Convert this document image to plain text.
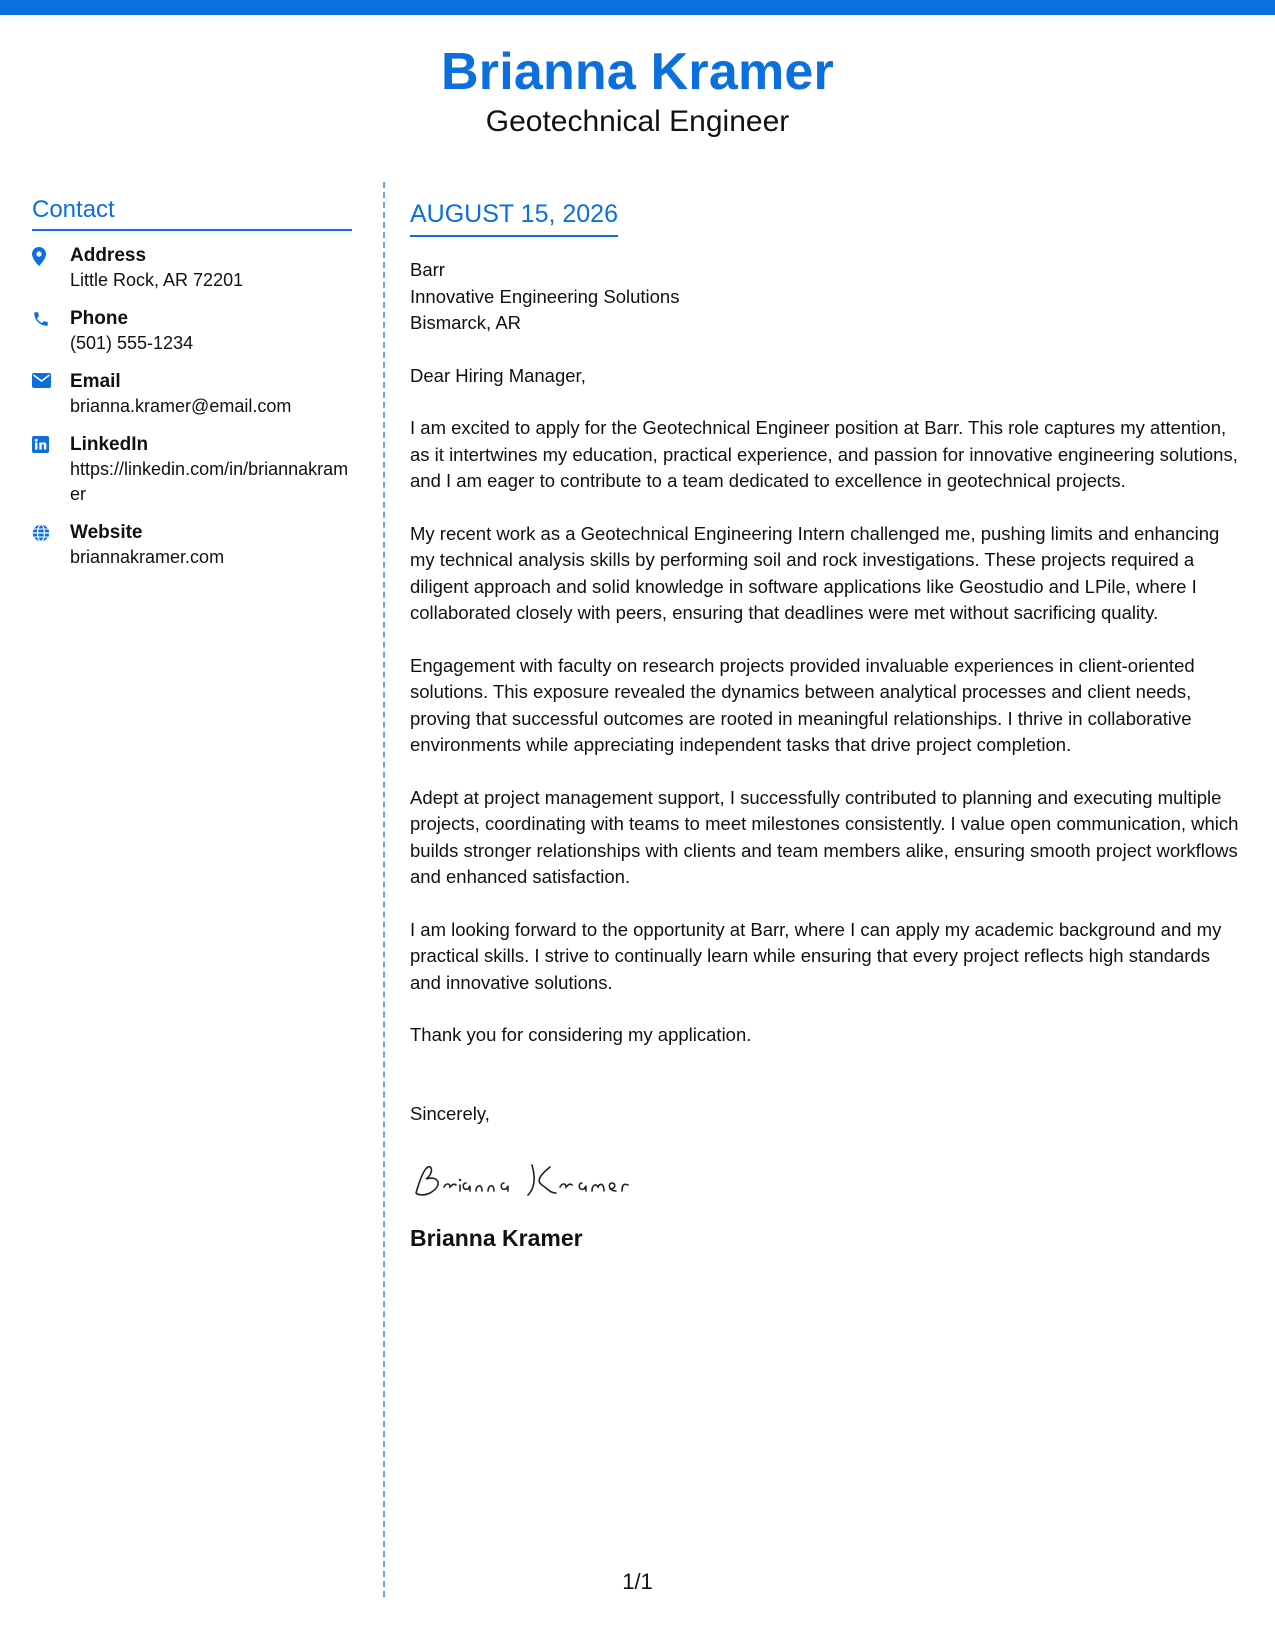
Brianna Kramer
Geotechnical Engineer
Contact
Address
Little Rock, AR 72201
Phone
(501) 555-1234
Email
brianna.kramer@email.com
LinkedIn
https://linkedin.com/in/briannakramer
Website
briannakramer.com
AUGUST 15, 2026
Barr
Innovative Engineering Solutions
Bismarck, AR
Dear Hiring Manager,
I am excited to apply for the Geotechnical Engineer position at Barr. This role captures my attention, as it intertwines my education, practical experience, and passion for innovative engineering solutions, and I am eager to contribute to a team dedicated to excellence in geotechnical projects.
My recent work as a Geotechnical Engineering Intern challenged me, pushing limits and enhancing my technical analysis skills by performing soil and rock investigations. These projects required a diligent approach and solid knowledge in software applications like Geostudio and LPile, where I collaborated closely with peers, ensuring that deadlines were met without sacrificing quality.
Engagement with faculty on research projects provided invaluable experiences in client-oriented solutions. This exposure revealed the dynamics between analytical processes and client needs, proving that successful outcomes are rooted in meaningful relationships. I thrive in collaborative environments while appreciating independent tasks that drive project completion.
Adept at project management support, I successfully contributed to planning and executing multiple projects, coordinating with teams to meet milestones consistently. I value open communication, which builds stronger relationships with clients and team members alike, ensuring smooth project workflows and enhanced satisfaction.
I am looking forward to the opportunity at Barr, where I can apply my academic background and my practical skills. I strive to continually learn while ensuring that every project reflects high standards and innovative solutions.
Thank you for considering my application.
Sincerely,
Brianna Kramer
1/1
